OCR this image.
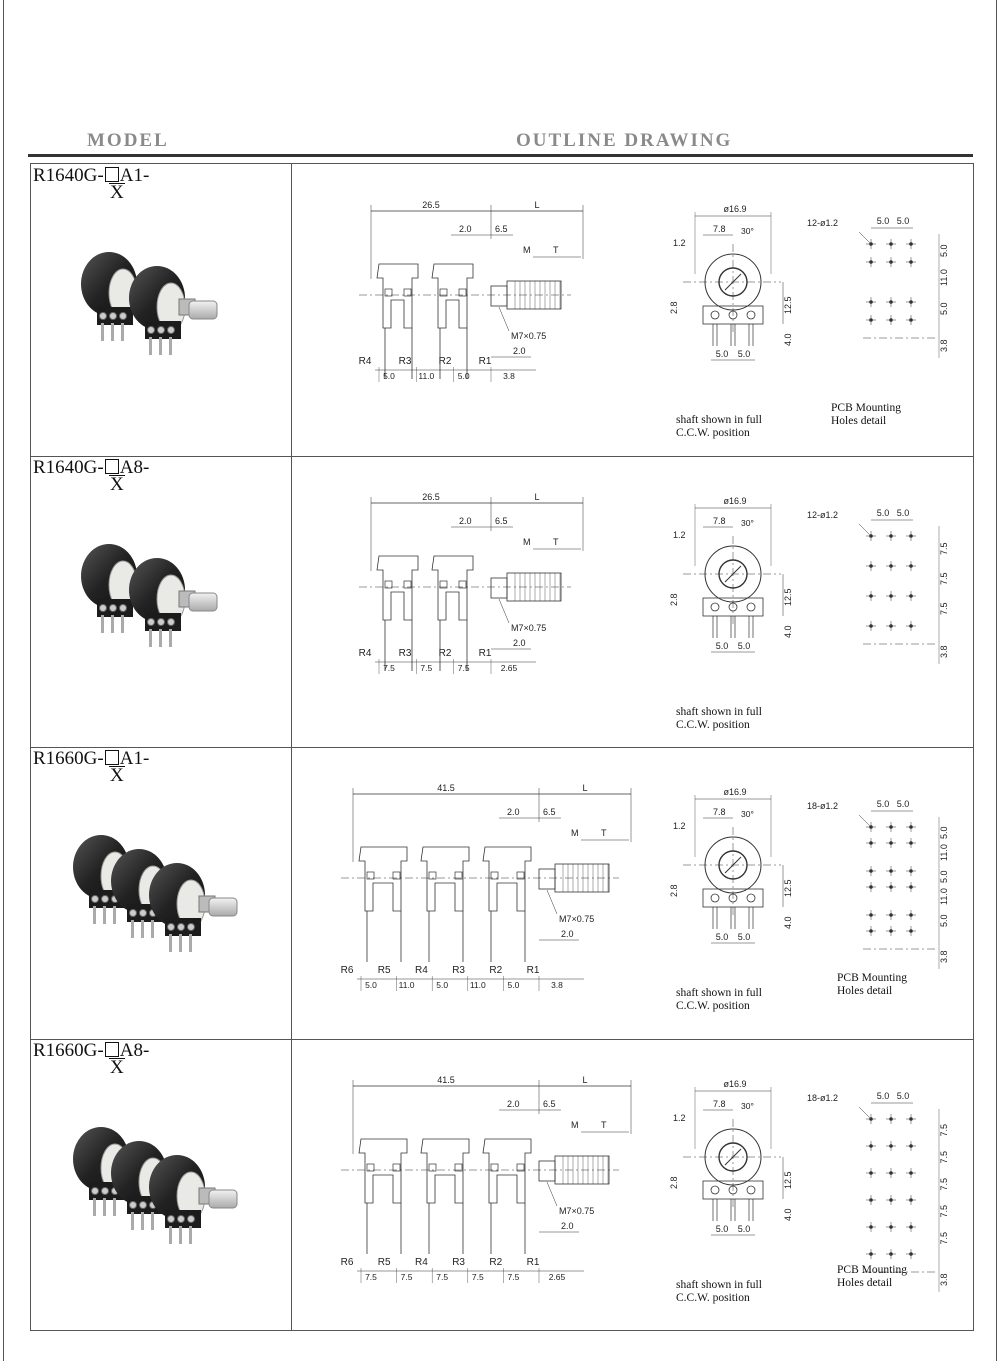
MODEL	OUTLINE DRAWING
R1640G- A1-
X
26.5	L
2.0	6.5
M	T
M7×0.75
2.0
R4	R3	R2	R1
5.0	11.0	5.0	3.8
ø16.9
7.8 30°
1.2
2.8	12.5
4.0
5.0 5.0
12-ø1.2	5.0 5.0
5.0
11.0
5.0
3.8
shaft shown in full
C.C.W. position
PCB Mounting
Holes detail
R1640G- A8-
X
26.5	L
2.0	6.5
M	T
M7×0.75
2.0
R4	R3	R2	R1
7.5	7.5	7.5	2.65
ø16.9
7.8 30°
1.2
2.8	12.5
4.0
5.0 5.0
12-ø1.2	5.0 5.0
7.5
7.5
7.5
3.8
shaft shown in full
C.C.W. position
R1660G- A1-
X
41.5	L
2.0	6.5
M	T
M7×0.75
2.0
R6 R5 R4 R3 R2 R1
5.0	11.0	5.0	11.0	5.0	3.8
ø16.9
7.8 30°
1.2
2.8	12.5
4.0
5.0 5.0
18-ø1.2	5.0 5.0
5.0
11.0
5.0
11.0
5.0
3.8
shaft shown in full
C.C.W. position
PCB Mounting
Holes detail
R1660G- A8-
X
41.5	L
2.0	6.5
M	T
M7×0.75
2.0
R6 R5 R4 R3 R2 R1
7.5	7.5	7.5	7.5	7.5	2.65
ø16.9
7.8 30°
1.2
2.8	12.5
4.0
5.0 5.0
18-ø1.2	5.0 5.0
7.5
7.5
7.5
7.5
7.5
3.8
shaft shown in full
C.C.W. position
PCB Mounting
Holes detail
